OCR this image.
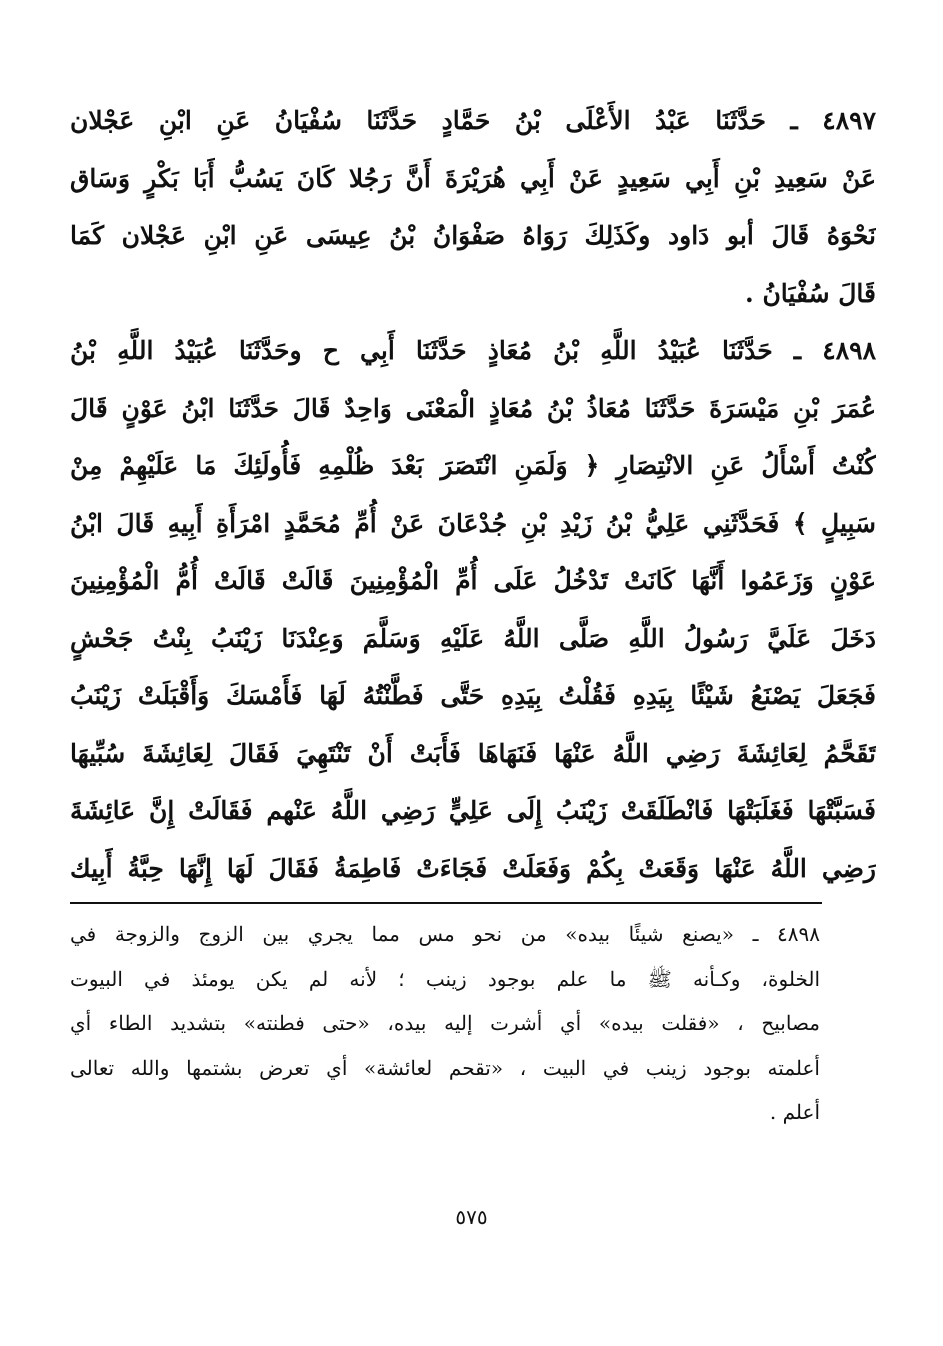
٤٨٩٧ ـ حَدَّثَنَا عَبْدُ الأَعْلَى بْنُ حَمَّادٍ حَدَّثَنَا سُفْيَانُ عَنِ ابْنِ عَجْلان
عَنْ سَعِيدِ بْنِ أَبِي سَعِيدٍ عَنْ أَبِي هُرَيْرَةَ أَنَّ رَجُلا كَانَ يَسُبُّ أَبَا بَكْرٍ وَسَاق
نَحْوَهُ قَالَ أبو دَاود وكَذَلِكَ رَوَاهُ صَفْوَانُ بْنُ عِيسَى عَنِ ابْنِ عَجْلان كَمَا
قَالَ سُفْيَانُ .
٤٨٩٨ ـ حَدَّثَنَا عُبَيْدُ اللَّهِ بْنُ مُعَاذٍ حَدَّثَنَا أَبِي ح وحَدَّثَنَا عُبَيْدُ اللَّهِ بْنُ
عُمَرَ بْنِ مَيْسَرَةَ حَدَّثَنَا مُعَاذُ بْنُ مُعَاذٍ الْمَعْنَى وَاحِدٌ قَالَ حَدَّثَنَا ابْنُ عَوْنٍ قَالَ
كُنْتُ أَسْأَلُ عَنِ الانْتِصَارِ ﴿ وَلَمَنِ انْتَصَرَ بَعْدَ ظُلْمِهِ فَأُولَئِكَ مَا عَلَيْهِمْ مِنْ
سَبِيلٍ ﴾ فَحَدَّثَنِي عَلِيُّ بْنُ زَيْدِ بْنِ جُدْعَانَ عَنْ أُمِّ مُحَمَّدٍ امْرَأَةِ أَبِيهِ قَالَ ابْنُ
عَوْنٍ وَزَعَمُوا أَنَّهَا كَانَتْ تَدْخُلُ عَلَى أُمِّ الْمُؤْمِنِينَ قَالَتْ قَالَتْ أُمُّ الْمُؤْمِنِينَ
دَخَلَ عَلَيَّ رَسُولُ اللَّهِ صَلَّى اللَّهُ عَلَيْهِ وَسَلَّمَ وَعِنْدَنَا زَيْنَبُ بِنْتُ جَحْشٍ
فَجَعَلَ يَصْنَعُ شَيْئًا بِيَدِهِ فَقُلْتُ بِيَدِهِ حَتَّى فَطَّنْتُهُ لَهَا فَأَمْسَكَ وَأَقْبَلَتْ زَيْنَبُ
تَقَحَّمُ لِعَائِشَةَ رَضِي اللَّهُ عَنْهَا فَنَهَاهَا فَأَبَتْ أَنْ تَنْتَهِيَ فَقَالَ لِعَائِشَةَ سُبِّيهَا
فَسَبَّتْهَا فَغَلَبَتْهَا فَانْطَلَقَتْ زَيْنَبُ إِلَى عَلِيٍّ رَضِي اللَّهُ عَنْهم فَقَالَتْ إِنَّ عَائِشَةَ
رَضِي اللَّهُ عَنْهَا وَقَعَتْ بِكُمْ وَفَعَلَتْ فَجَاءَتْ فَاطِمَةُ فَقَالَ لَهَا إِنَّهَا حِبَّةُ أَبِيك
٤٨٩٨ ـ «يصنع شيئًا بيده» من نحو مس مما يجري بين الزوج والزوجة في
الخلوة، وكـأنه ﷺ ما علم بوجود زينب ؛ لأنه لم يكن يومئذ في البيوت
مصابيح ، «فقلت بيده» أي أشرت إليه بيده، «حتى فطنته» بتشديد الطاء أي
أعلمته بوجود زينب في البيت ، «تقحم لعائشة» أي تعرض بشتمها والله تعالى
أعلم .
٥٧٥
